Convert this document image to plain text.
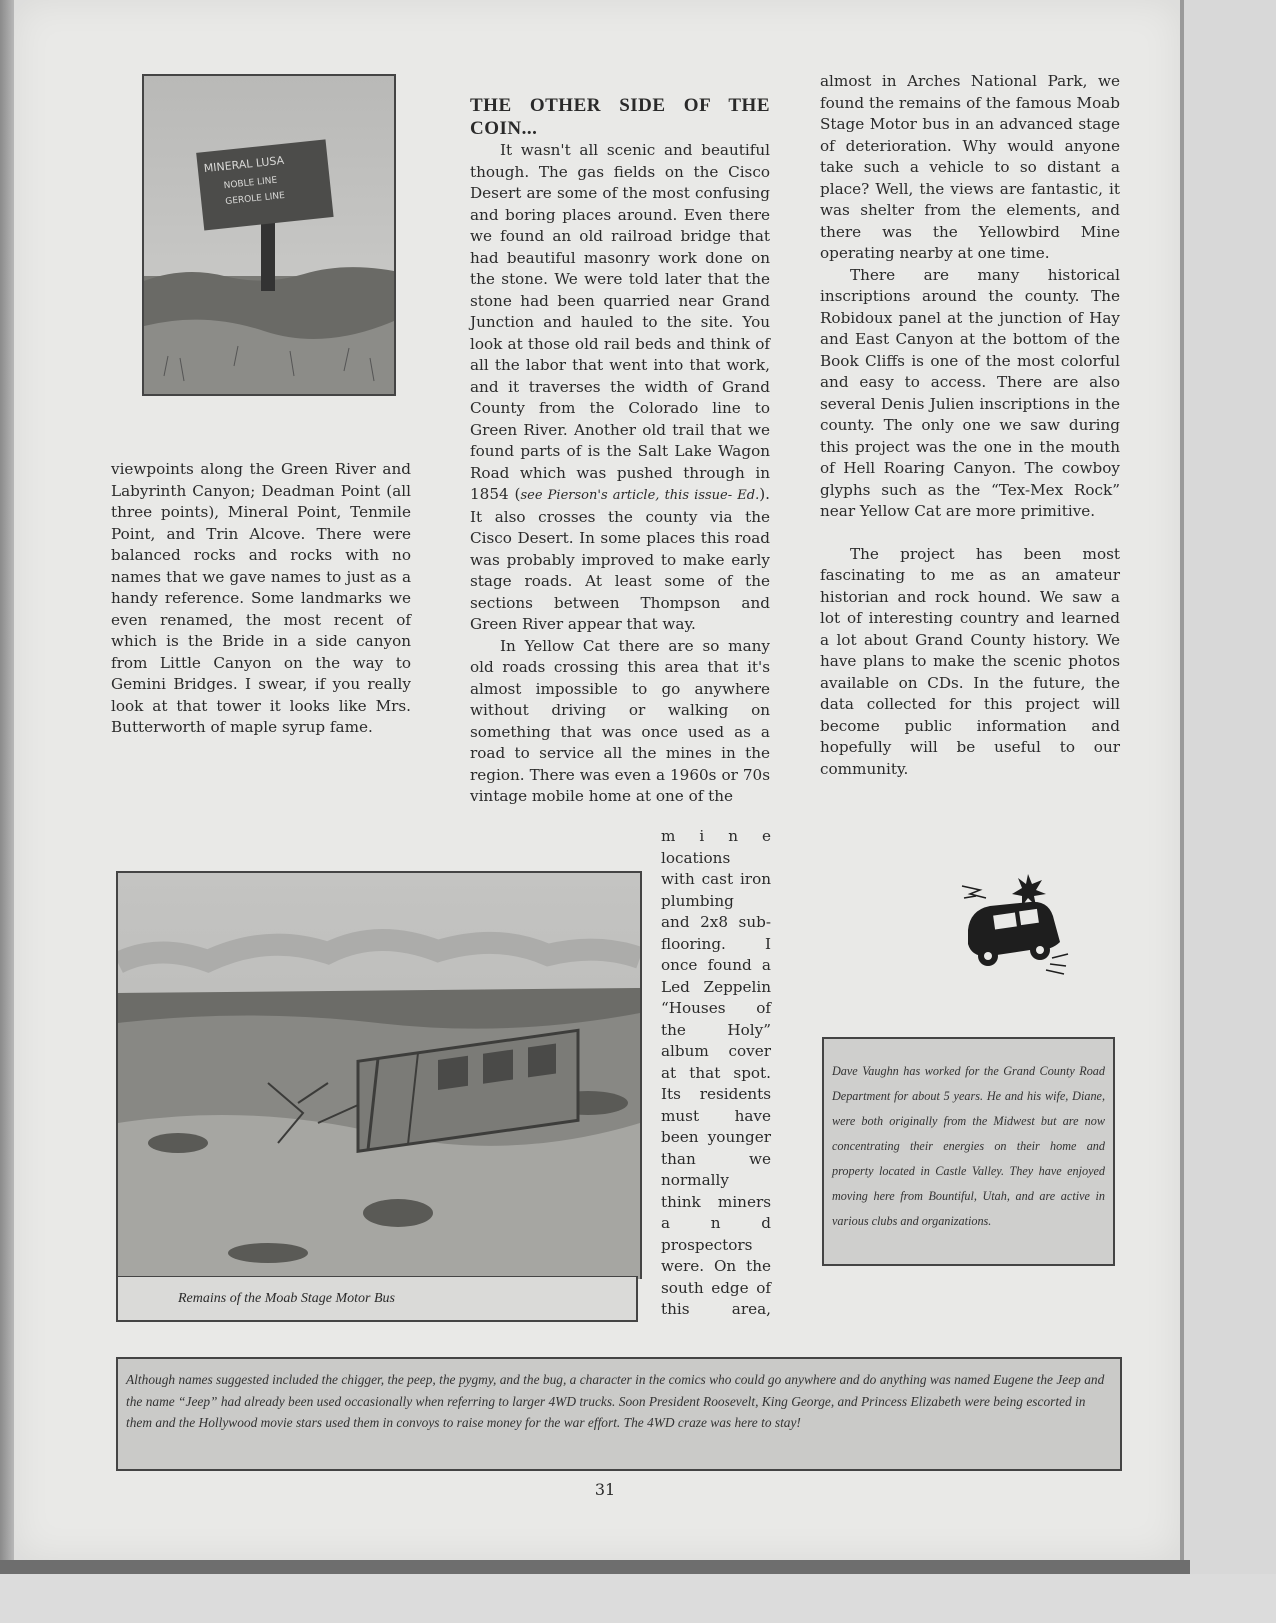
MINERAL LUSA
NOBLE LINE
GEROLE LINE

viewpoints along the Green River and Labyrinth Canyon; Deadman Point (all three points), Mineral Point, Tenmile Point, and Trin Alcove. There were balanced rocks and rocks with no names that we gave names to just as a handy reference. Some landmarks we even renamed, the most recent of which is the Bride in a side canyon from Little Canyon on the way to Gemini Bridges. I swear, if you really look at that tower it looks like Mrs. Butterworth of maple syrup fame.

THE OTHER SIDE OF THE COIN...

It wasn't all scenic and beautiful though. The gas fields on the Cisco Desert are some of the most confusing and boring places around. Even there we found an old railroad bridge that had beautiful masonry work done on the stone. We were told later that the stone had been quarried near Grand Junction and hauled to the site. You look at those old rail beds and think of all the labor that went into that work, and it traverses the width of Grand County from the Colorado line to Green River. Another old trail that we found parts of is the Salt Lake Wagon Road which was pushed through in 1854 (see Pierson's article, this issue- Ed.). It also crosses the county via the Cisco Desert. In some places this road was probably improved to make early stage roads. At least some of the sections between Thompson and Green River appear that way.

In Yellow Cat there are so many old roads crossing this area that it's almost impossible to go anywhere without driving or walking on something that was once used as a road to service all the mines in the region. There was even a 1960s or 70s vintage mobile home at one of the

m i n e
locations
with cast iron
plumbing
and 2x8 sub-
flooring. I
once found a
Led Zeppelin
“Houses of
the Holy”
album cover
at that spot.
Its residents
must have
been younger
than we
normally
think miners
a n d
prospectors
were. On the
south edge of
this area,
Remains of the Moab Stage Motor Bus

almost in Arches National Park, we found the remains of the famous Moab Stage Motor bus in an advanced stage of deterioration. Why would anyone take such a vehicle to so distant a place? Well, the views are fantastic, it was shelter from the elements, and there was the Yellowbird Mine operating nearby at one time.

There are many historical inscriptions around the county. The Robidoux panel at the junction of Hay and East Canyon at the bottom of the Book Cliffs is one of the most colorful and easy to access. There are also several Denis Julien inscriptions in the county. The only one we saw during this project was the one in the mouth of Hell Roaring Canyon. The cowboy glyphs such as the “Tex-Mex Rock” near Yellow Cat are more primitive.

The project has been most fascinating to me as an amateur historian and rock hound. We saw a lot of interesting country and learned a lot about Grand County history. We have plans to make the scenic photos available on CDs. In the future, the data collected for this project will become public information and hopefully will be useful to our community.

Dave Vaughn has worked for the Grand County Road Department for about 5 years. He and his wife, Diane, were both originally from the Midwest but are now concentrating their energies on their home and property located in Castle Valley. They have enjoyed moving here from Bountiful, Utah, and are active in various clubs and organizations.
Although names suggested included the chigger, the peep, the pygmy, and the bug, a character in the comics who could go anywhere and do anything was named Eugene the Jeep and the name “Jeep” had already been used occasionally when referring to larger 4WD trucks. Soon President Roosevelt, King George, and Princess Elizabeth were being escorted in them and the Hollywood movie stars used them in convoys to raise money for the war effort. The 4WD craze was here to stay!
31
